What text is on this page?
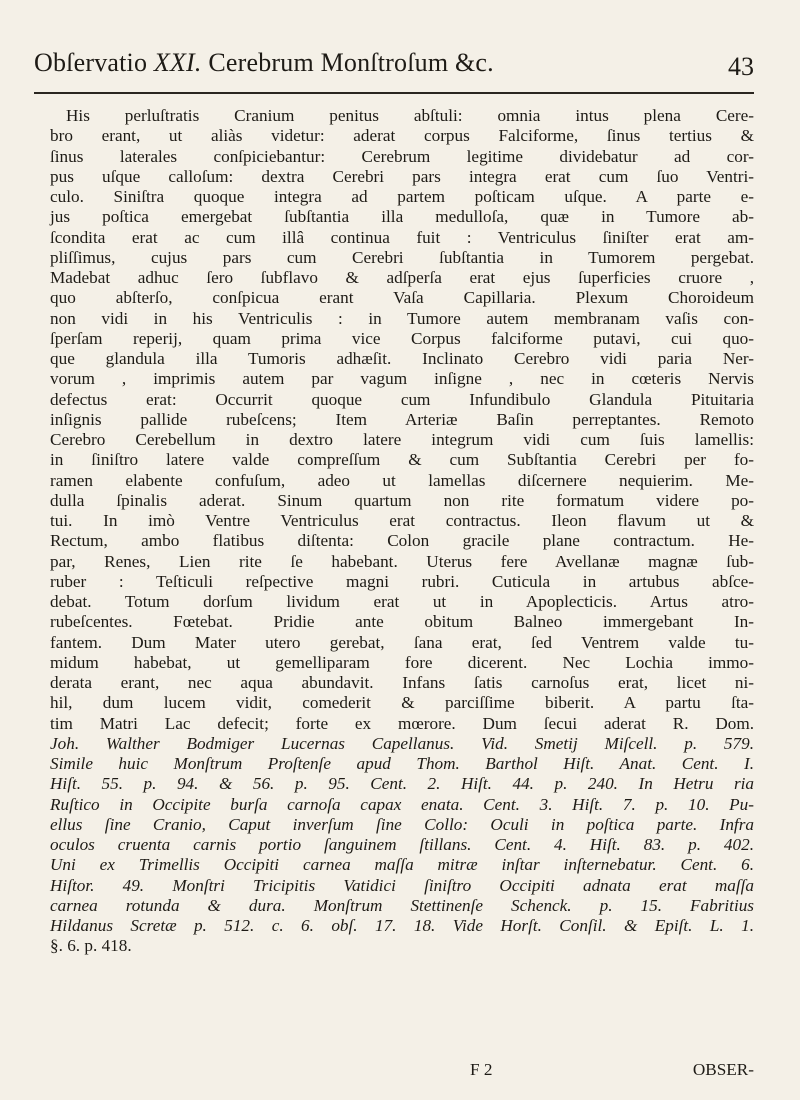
Obſervatio XXI. Cerebrum Monſtroſum &c.	43
His perluſtratis Cranium penitus abſtuli: omnia intus plena Cere-
bro erant, ut aliàs videtur: aderat corpus Falciforme, ſinus tertius &
ſinus laterales conſpiciebantur: Cerebrum legitime dividebatur ad cor-
pus uſque calloſum: dextra Cerebri pars integra erat cum ſuo Ventri-
culo. Siniſtra quoque integra ad partem poſticam uſque. A parte e-
jus poſtica emergebat ſubſtantia illa medulloſa, quæ in Tumore ab-
ſcondita erat ac cum illâ continua fuit : Ventriculus ſiniſter erat am-
pliſſimus, cujus pars cum Cerebri ſubſtantia in Tumorem pergebat.
Madebat adhuc ſero ſubflavo & adſperſa erat ejus ſuperficies cruore ,
quo abſterſo, conſpicua erant Vaſa Capillaria. Plexum Choroideum
non vidi in his Ventriculis : in Tumore autem membranam vaſis con-
ſperſam reperij, quam prima vice Corpus falciforme putavi, cui quo-
que glandula illa Tumoris adhæſit. Inclinato Cerebro vidi paria Ner-
vorum , imprimis autem par vagum inſigne , nec in cœteris Nervis
defectus erat: Occurrit quoque cum Infundibulo Glandula Pituitaria
inſignis pallide rubeſcens; Item Arteriæ Baſin perreptantes. Remoto
Cerebro Cerebellum in dextro latere integrum vidi cum ſuis lamellis:
in ſiniſtro latere valde compreſſum & cum Subſtantia Cerebri per fo-
ramen elabente confuſum, adeo ut lamellas diſcernere nequierim. Me-
dulla ſpinalis aderat. Sinum quartum non rite formatum videre po-
tui. In imò Ventre Ventriculus erat contractus. Ileon flavum ut &
Rectum, ambo flatibus diſtenta: Colon gracile plane contractum. He-
par, Renes, Lien rite ſe habebant. Uterus fere Avellanæ magnæ ſub-
ruber : Teſticuli reſpective magni rubri. Cuticula in artubus abſce-
debat. Totum dorſum lividum erat ut in Apoplecticis. Artus atro-
rubeſcentes. Fœtebat. Pridie ante obitum Balneo immergebant In-
fantem. Dum Mater utero gerebat, ſana erat, ſed Ventrem valde tu-
midum habebat, ut gemelliparam fore dicerent. Nec Lochia immo-
derata erant, nec aqua abundavit. Infans ſatis carnoſus erat, licet ni-
hil, dum lucem vidit, comederit & parciſſime biberit. A partu ſta-
tim Matri Lac defecit; forte ex mœrore. Dum ſecui aderat R. Dom.
Joh. Walther Bodmiger Lucernas Capellanus. Vid. Smetij Miſcell. p. 579.
Simile huic Monſtrum Proſtenſe apud Thom. Barthol Hiſt. Anat. Cent. I.
Hiſt. 55. p. 94. & 56. p. 95. Cent. 2. Hiſt. 44. p. 240. In Hetru ria
Ruſtico in Occipite burſa carnoſa capax enata. Cent. 3. Hiſt. 7. p. 10. Pu-
ellus ſine Cranio, Caput inverſum ſine Collo: Oculi in poſtica parte. Infra
oculos cruenta carnis portio ſanguinem ſtillans. Cent. 4. Hiſt. 83. p. 402.
Uni ex Trimellis Occipiti carnea maſſa mitræ inſtar inſternebatur. Cent. 6.
Hiſtor. 49. Monſtri Tricipitis Vatidici ſiniſtro Occipiti adnata erat maſſa
carnea rotunda & dura. Monſtrum Stettinenſe Schenck. p. 15. Fabritius
Hildanus Scretæ p. 512. c. 6. obſ. 17. 18. Vide Horſt. Conſil. & Epiſt. L. 1.
§. 6. p. 418.
F 2	OBSER-
